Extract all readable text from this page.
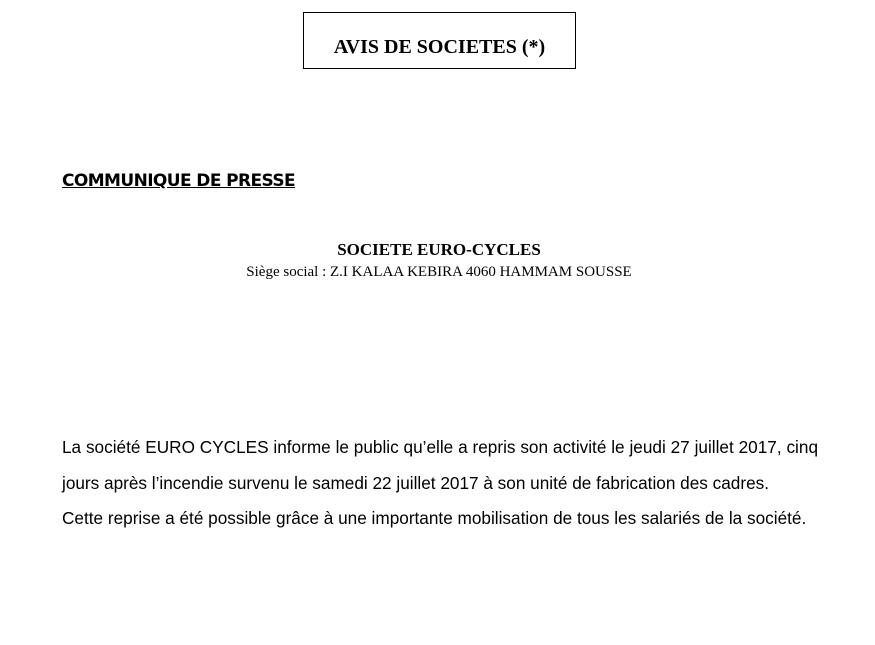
AVIS DE SOCIETES (*)
COMMUNIQUE DE PRESSE
SOCIETE EURO-CYCLES
Siège social : Z.I KALAA KEBIRA 4060 HAMMAM SOUSSE

La société EURO CYCLES informe le public qu’elle a repris son activité le jeudi 27 juillet 2017, cinq jours après l’incendie survenu le samedi 22 juillet 2017 à son unité de fabrication des cadres.

Cette reprise a été possible grâce à une importante mobilisation de tous les salariés de la société.
